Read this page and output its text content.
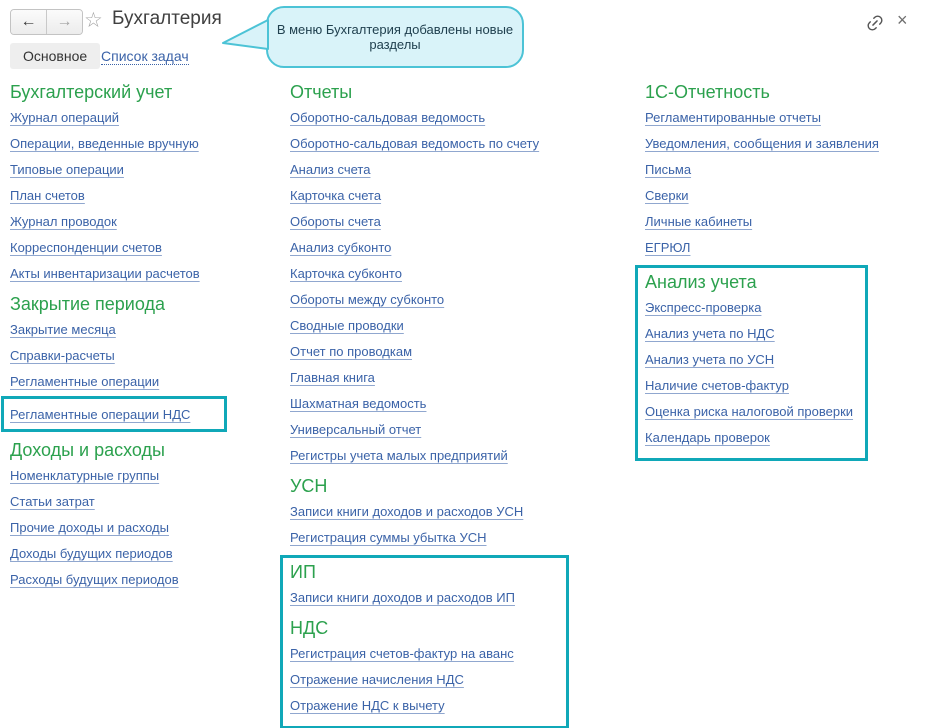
←	→ ☆ Бухгалтерия
В меню Бухгалтерия добавлены новые разделы
×
Основное Список задач
Бухгалтерский учет
Журнал операций
Операции, введенные вручную
Типовые операции
План счетов
Журнал проводок
Корреспонденции счетов
Акты инвентаризации расчетов
Закрытие периода
Закрытие месяца
Справки-расчеты
Регламентные операции
Регламентные операции НДС
Доходы и расходы
Номенклатурные группы
Статьи затрат
Прочие доходы и расходы
Доходы будущих периодов
Расходы будущих периодов
Отчеты
Оборотно-сальдовая ведомость
Оборотно-сальдовая ведомость по счету
Анализ счета
Карточка счета
Обороты счета
Анализ субконто
Карточка субконто
Обороты между субконто
Сводные проводки
Отчет по проводкам
Главная книга
Шахматная ведомость
Универсальный отчет
Регистры учета малых предприятий
УСН
Записи книги доходов и расходов УСН
Регистрация суммы убытка УСН
ИП
Записи книги доходов и расходов ИП
НДС
Регистрация счетов-фактур на аванс
Отражение начисления НДС
Отражение НДС к вычету
1С-Отчетность
Регламентированные отчеты
Уведомления, сообщения и заявления
Письма
Сверки
Личные кабинеты
ЕГРЮЛ
Анализ учета
Экспресс-проверка
Анализ учета по НДС
Анализ учета по УСН
Наличие счетов-фактур
Оценка риска налоговой проверки
Календарь проверок
